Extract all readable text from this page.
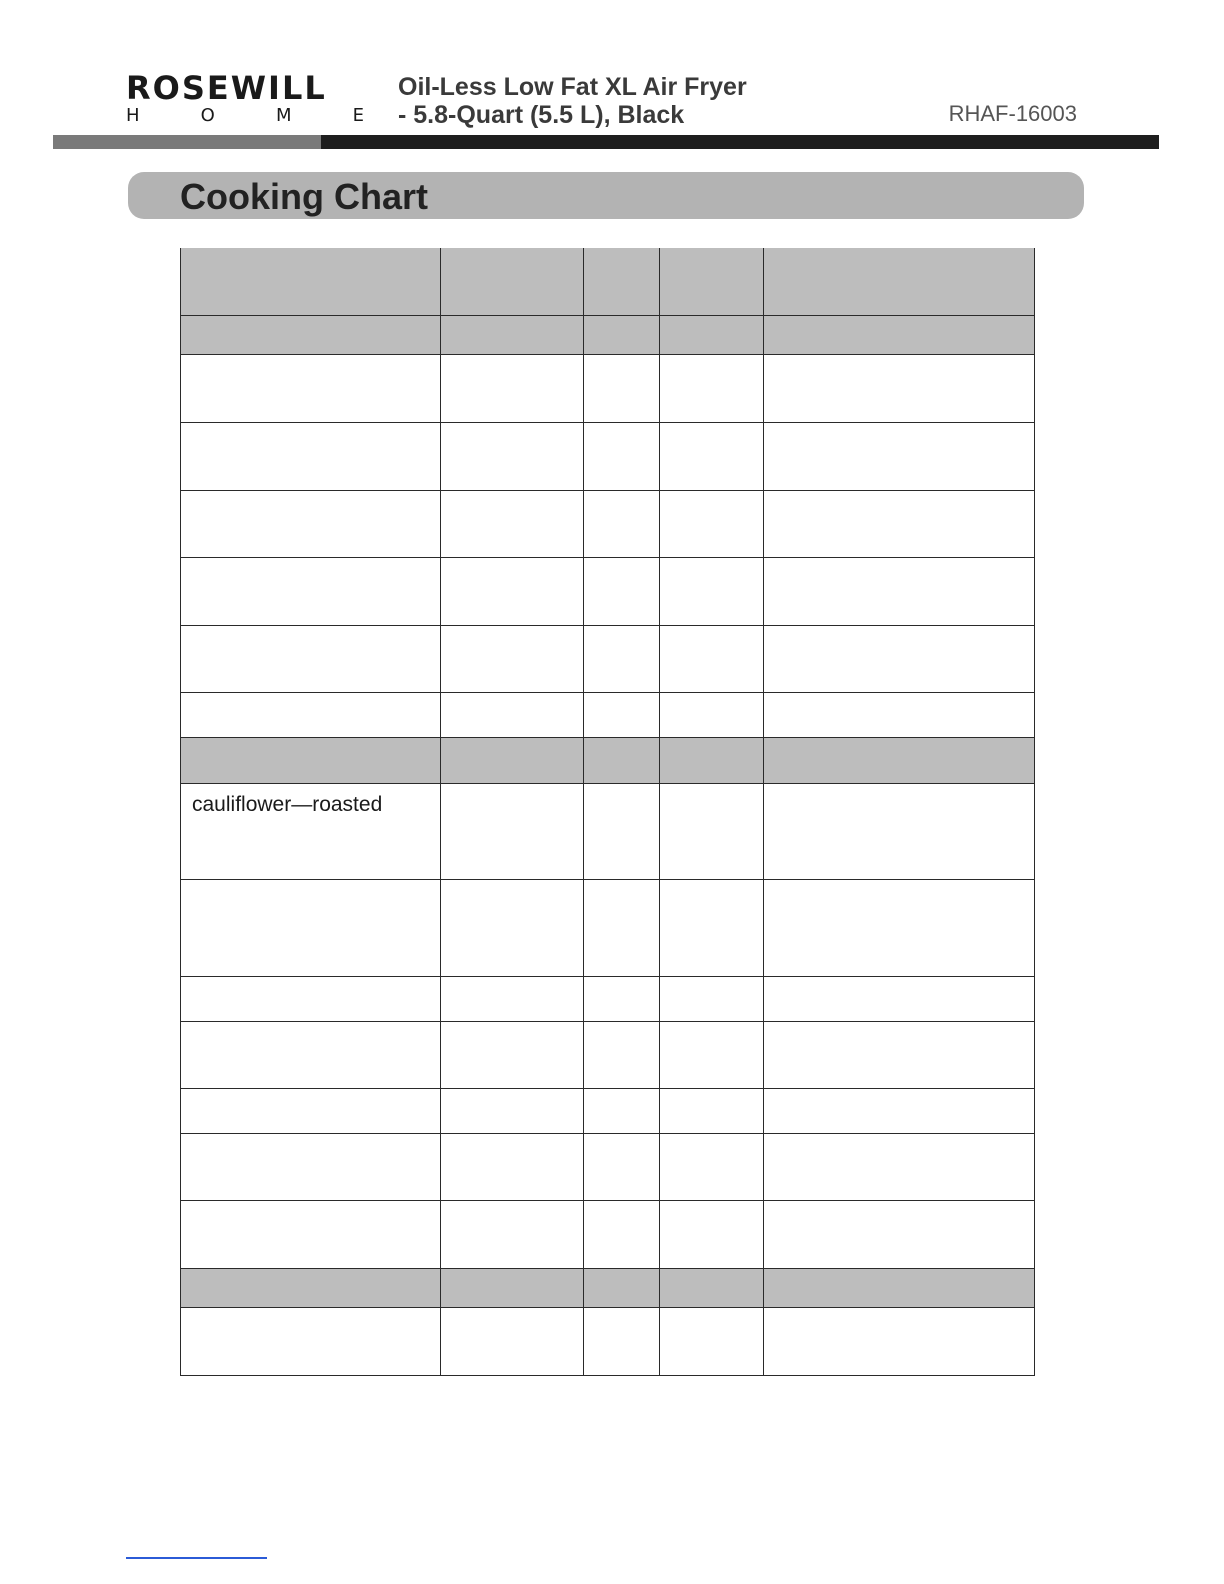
ROSEWILL
H	O	M	E
Oil-Less Low Fat XL Air Fryer
- 5.8-Quart (5.5 L), Black	RHAF-16003
Cooking Chart

cauliflower—roasted				
